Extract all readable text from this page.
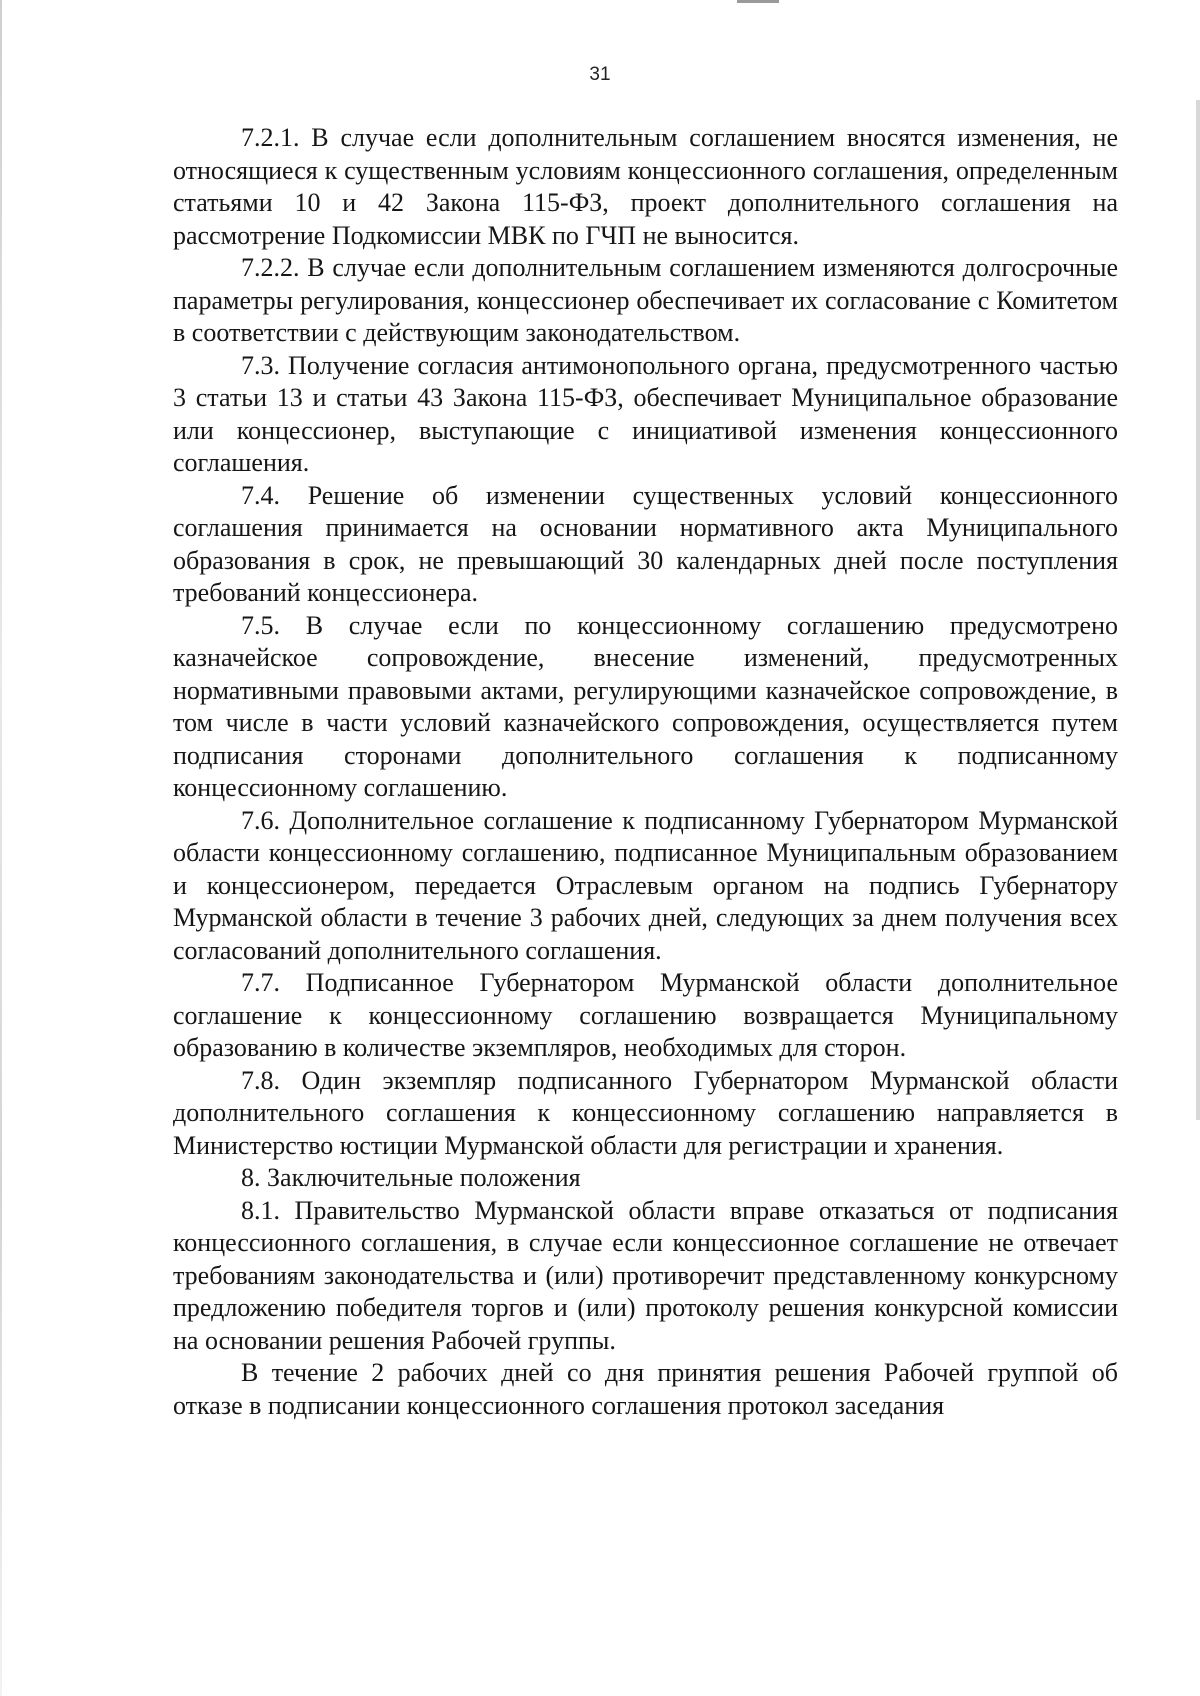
31

7.2.1. В случае если дополнительным соглашением вносятся изменения, не относящиеся к существенным условиям концессионного соглашения, определенным статьями 10 и 42 Закона 115-ФЗ, проект дополнительного соглашения на рассмотрение Подкомиссии МВК по ГЧП не выносится.

7.2.2. В случае если дополнительным соглашением изменяются долгосрочные параметры регулирования, концессионер обеспечивает их согласование с Комитетом в соответствии с действующим законодательством.

7.3. Получение согласия антимонопольного органа, предусмотренного частью 3 статьи 13 и статьи 43 Закона 115-ФЗ, обеспечивает Муниципальное образование или концессионер, выступающие с инициативой изменения концессионного соглашения.

7.4. Решение об изменении существенных условий концессионного соглашения принимается на основании нормативного акта Муниципального образования в срок, не превышающий 30 календарных дней после поступления требований концессионера.

7.5. В случае если по концессионному соглашению предусмотрено казначейское сопровождение, внесение изменений, предусмотренных нормативными правовыми актами, регулирующими казначейское сопровождение, в том числе в части условий казначейского сопровождения, осуществляется путем подписания сторонами дополнительного соглашения к подписанному концессионному соглашению.

7.6. Дополнительное соглашение к подписанному Губернатором Мурманской области концессионному соглашению, подписанное Муниципальным образованием и концессионером, передается Отраслевым органом на подпись Губернатору Мурманской области в течение 3 рабочих дней, следующих за днем получения всех согласований дополнительного соглашения.

7.7. Подписанное Губернатором Мурманской области дополнительное соглашение к концессионному соглашению возвращается Муниципальному образованию в количестве экземпляров, необходимых для сторон.

7.8. Один экземпляр подписанного Губернатором Мурманской области дополнительного соглашения к концессионному соглашению направляется в Министерство юстиции Мурманской области для регистрации и хранения.

8. Заключительные положения

8.1. Правительство Мурманской области вправе отказаться от подписания концессионного соглашения, в случае если концессионное соглашение не отвечает требованиям законодательства и (или) противоречит представленному конкурсному предложению победителя торгов и (или) протоколу решения конкурсной комиссии на основании решения Рабочей группы.

В течение 2 рабочих дней со дня принятия решения Рабочей группой об отказе в подписании концессионного соглашения протокол заседания
